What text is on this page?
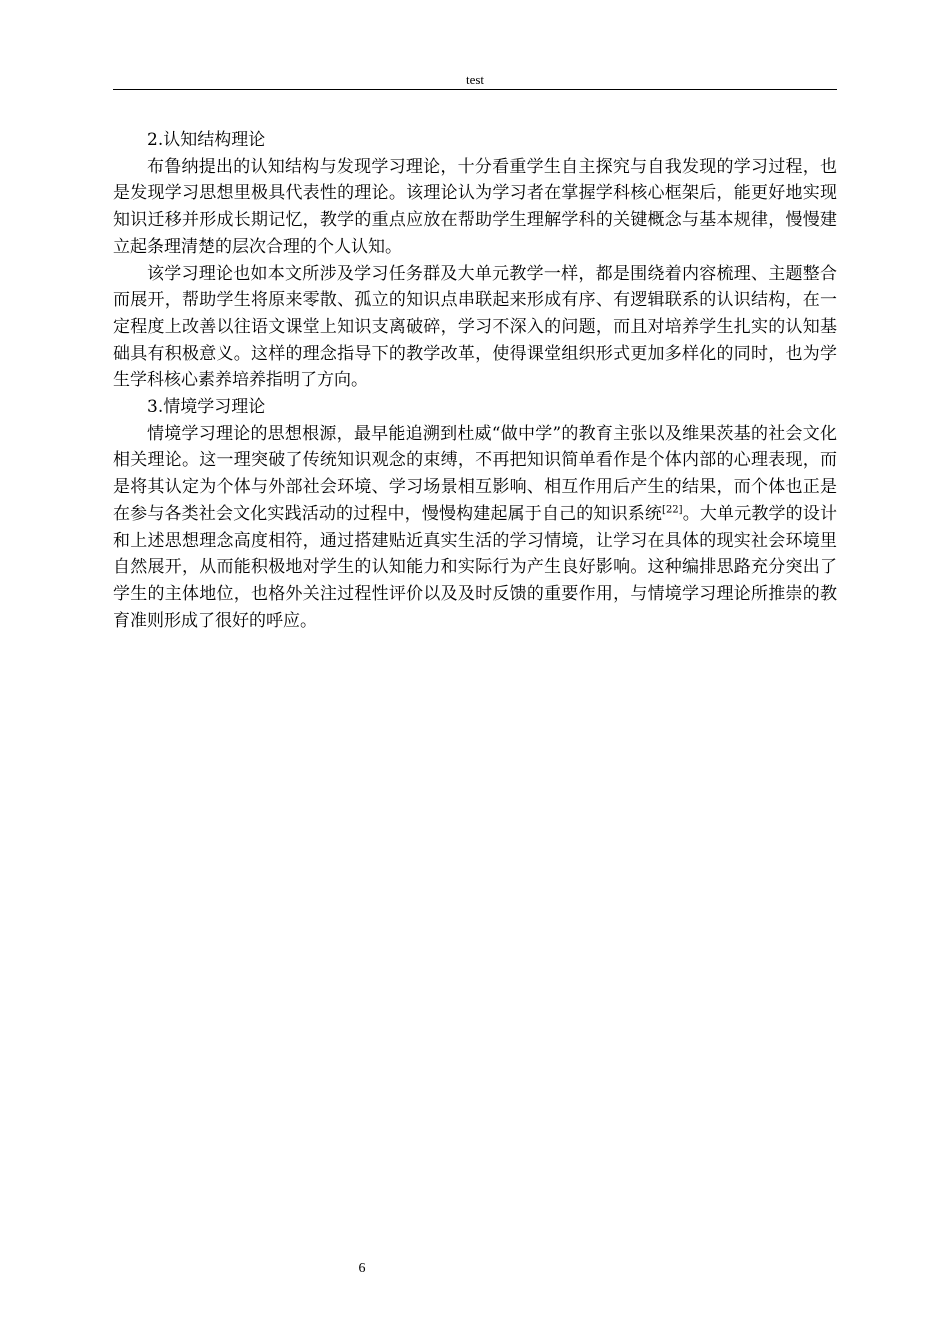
test

2.认知结构理论

布鲁纳提出的认知结构与发现学习理论，十分看重学生自主探究与自我发现的学习过程，也是发现学习思想里极具代表性的理论。该理论认为学习者在掌握学科核心框架后，能更好地实现知识迁移并形成长期记忆，教学的重点应放在帮助学生理解学科的关键概念与基本规律，慢慢建立起条理清楚的层次合理的个人认知。

该学习理论也如本文所涉及学习任务群及大单元教学一样，都是围绕着内容梳理、主题整合而展开，帮助学生将原来零散、孤立的知识点串联起来形成有序、有逻辑联系的认识结构，在一定程度上改善以往语文课堂上知识支离破碎，学习不深入的问题，而且对培养学生扎实的认知基础具有积极意义。这样的理念指导下的教学改革，使得课堂组织形式更加多样化的同时，也为学生学科核心素养培养指明了方向。

3.情境学习理论

情境学习理论的思想根源，最早能追溯到杜威“做中学”的教育主张以及维果茨基的社会文化相关理论。这一理突破了传统知识观念的束缚，不再把知识简单看作是个体内部的心理表现，而是将其认定为个体与外部社会环境、学习场景相互影响、相互作用后产生的结果，而个体也正是在参与各类社会文化实践活动的过程中，慢慢构建起属于自己的知识系统[22]。大单元教学的设计和上述思想理念高度相符，通过搭建贴近真实生活的学习情境，让学习在具体的现实社会环境里自然展开，从而能积极地对学生的认知能力和实际行为产生良好影响。这种编排思路充分突出了学生的主体地位，也格外关注过程性评价以及及时反馈的重要作用，与情境学习理论所推崇的教育准则形成了很好的呼应。

6
